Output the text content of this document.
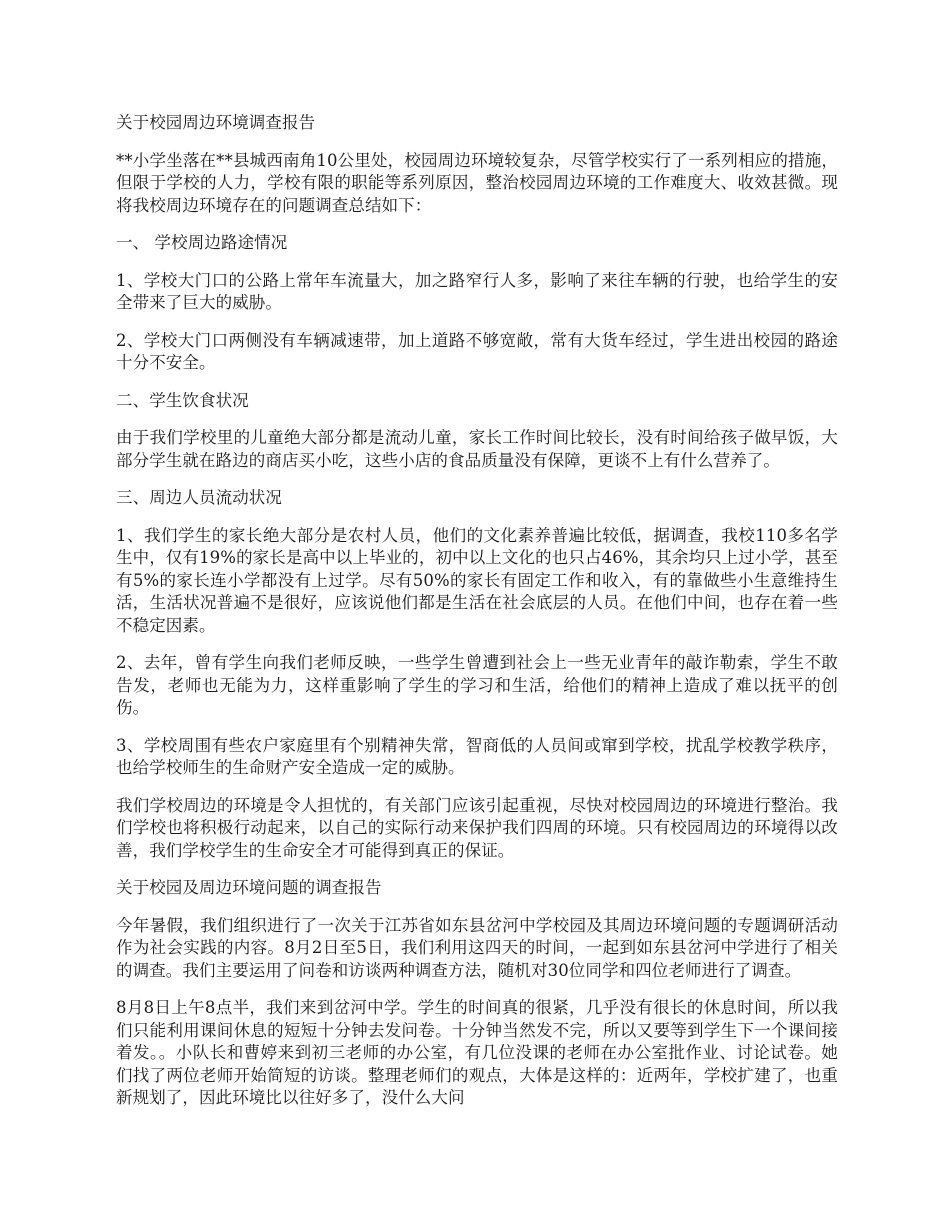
关于校园周边环境调查报告

**小学坐落在**县城西南角10公里处，校园周边环境较复杂，尽管学校实行了一系列相应的措施，但限于学校的人力，学校有限的职能等系列原因，整治校园周边环境的工作难度大、收效甚微。现将我校周边环境存在的问题调查总结如下：

一、 学校周边路途情况

1、学校大门口的公路上常年车流量大，加之路窄行人多，影响了来往车辆的行驶，也给学生的安全带来了巨大的威胁。

2、学校大门口两侧没有车辆减速带，加上道路不够宽敞，常有大货车经过，学生进出校园的路途十分不安全。

二、学生饮食状况

由于我们学校里的儿童绝大部分都是流动儿童，家长工作时间比较长，没有时间给孩子做早饭，大部分学生就在路边的商店买小吃，这些小店的食品质量没有保障，更谈不上有什么营养了。

三、周边人员流动状况

1、我们学生的家长绝大部分是农村人员，他们的文化素养普遍比较低，据调查，我校110多名学生中，仅有19%的家长是高中以上毕业的，初中以上文化的也只占46%，其余均只上过小学，甚至有5%的家长连小学都没有上过学。尽有50%的家长有固定工作和收入，有的靠做些小生意维持生活，生活状况普遍不是很好，应该说他们都是生活在社会底层的人员。在他们中间，也存在着一些不稳定因素。

2、去年，曾有学生向我们老师反映，一些学生曾遭到社会上一些无业青年的敲诈勒索，学生不敢告发，老师也无能为力，这样重影响了学生的学习和生活，给他们的精神上造成了难以抚平的创伤。

3、学校周围有些农户家庭里有个别精神失常，智商低的人员间或窜到学校，扰乱学校教学秩序，也给学校师生的生命财产安全造成一定的威胁。

我们学校周边的环境是令人担忧的，有关部门应该引起重视，尽快对校园周边的环境进行整治。我们学校也将积极行动起来，以自己的实际行动来保护我们四周的环境。只有校园周边的环境得以改善，我们学校学生的生命安全才可能得到真正的保证。

关于校园及周边环境问题的调查报告

今年暑假，我们组织进行了一次关于江苏省如东县岔河中学校园及其周边环境问题的专题调研活动作为社会实践的内容。8月2日至5日，我们利用这四天的时间，一起到如东县岔河中学进行了相关的调查。我们主要运用了问卷和访谈两种调查方法，随机对30位同学和四位老师进行了调查。

8月8日上午8点半，我们来到岔河中学。学生的时间真的很紧，几乎没有很长的休息时间，所以我们只能利用课间休息的短短十分钟去发问卷。十分钟当然发不完，所以又要等到学生下一个课间接着发。。小队长和曹婷来到初三老师的办公室，有几位没课的老师在办公室批作业、讨论试卷。她们找了两位老师开始简短的访谈。整理老师们的观点，大体是这样的：近两年，学校扩建了，也重新规划了，因此环境比以往好多了，没什么大问
